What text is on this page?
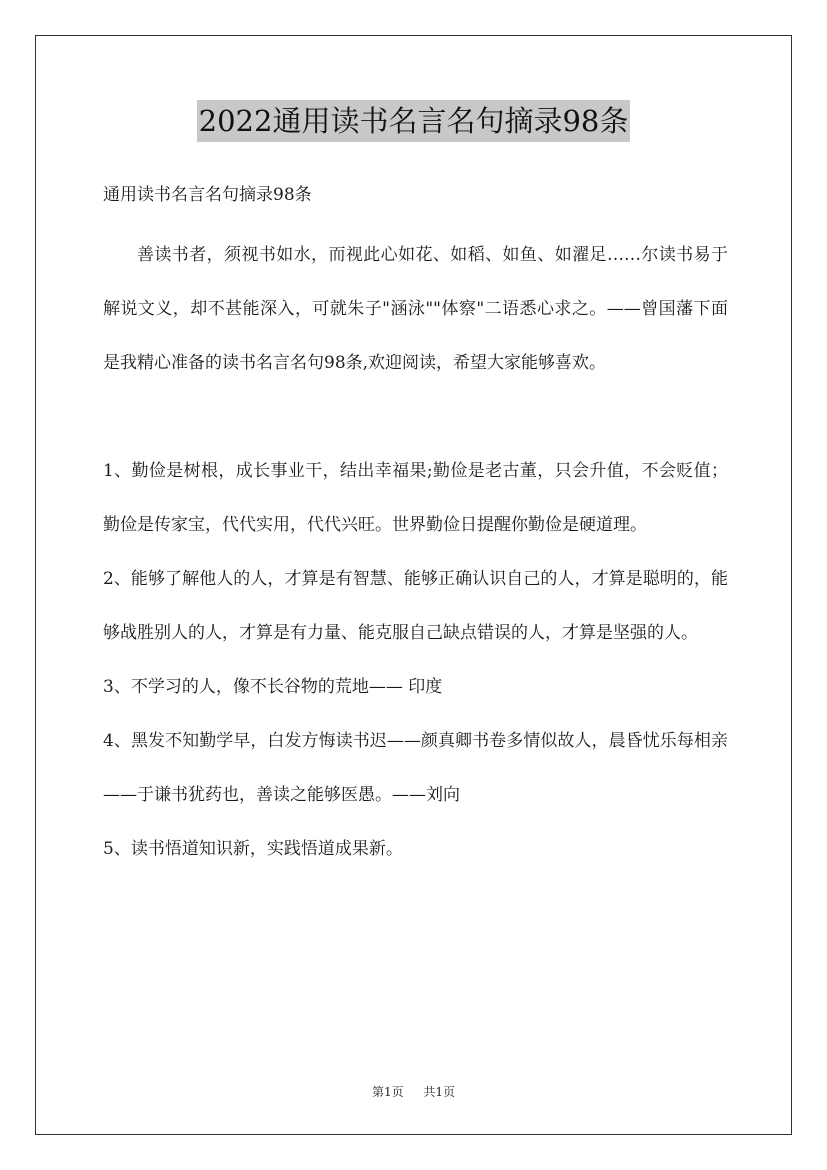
2022通用读书名言名句摘录98条

通用读书名言名句摘录98条

善读书者，须视书如水，而视此心如花、如稻、如鱼、如濯足……尔读书易于解说文义，却不甚能深入，可就朱子"涵泳""体察"二语悉心求之。——曾国藩下面是我精心准备的读书名言名句98条,欢迎阅读，希望大家能够喜欢。

1、勤俭是树根，成长事业干，结出幸福果;勤俭是老古董，只会升值，不会贬值；勤俭是传家宝，代代实用，代代兴旺。世界勤俭日提醒你勤俭是硬道理。

2、能够了解他人的人，才算是有智慧、能够正确认识自己的人，才算是聪明的，能够战胜别人的人，才算是有力量、能克服自己缺点错误的人，才算是坚强的人。

3、不学习的人，像不长谷物的荒地—— 印度

4、黑发不知勤学早，白发方悔读书迟——颜真卿书卷多情似故人，晨昏忧乐每相亲——于谦书犹药也，善读之能够医愚。——刘向

5、读书悟道知识新，实践悟道成果新。

第1页 共1页
